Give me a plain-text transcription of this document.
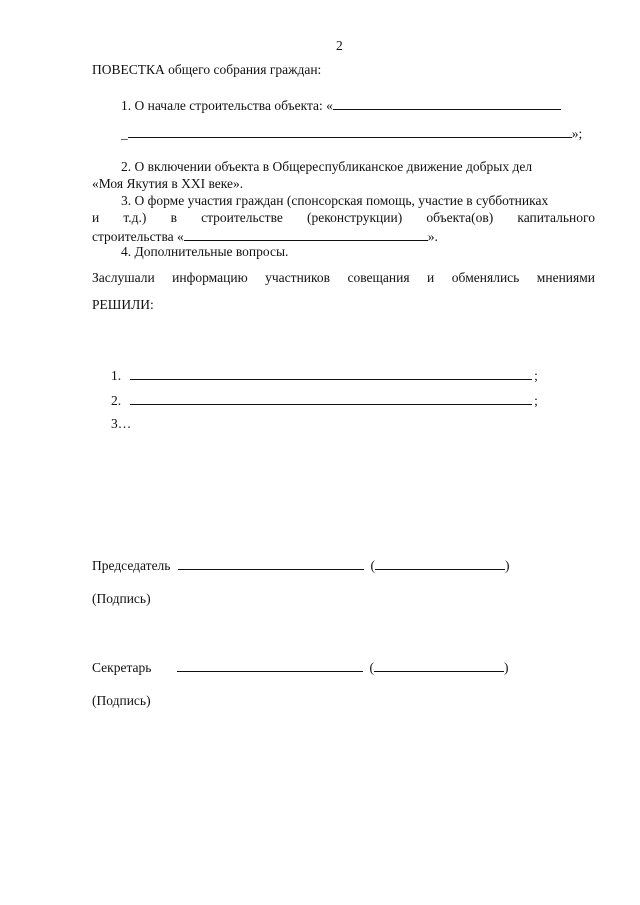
2
ПОВЕСТКА общего собрания граждан:
1. О начале строительства объекта: «
_	»;
2. О включении объекта в Общереспубликанское движение добрых дел
«Моя Якутия в XXI веке».
3. О форме участия граждан (спонсорская помощь, участие в субботниках
и т.д.) в строительстве (реконструкции) объекта(ов) капитального
строительства «	».
4. Дополнительные вопросы.
Заслушали информацию участников совещания и обменялись мнениями
РЕШИЛИ:
1.	;
2.	;
3…
Председатель	(	)
(Подпись)
Секретарь	(	)
(Подпись)
